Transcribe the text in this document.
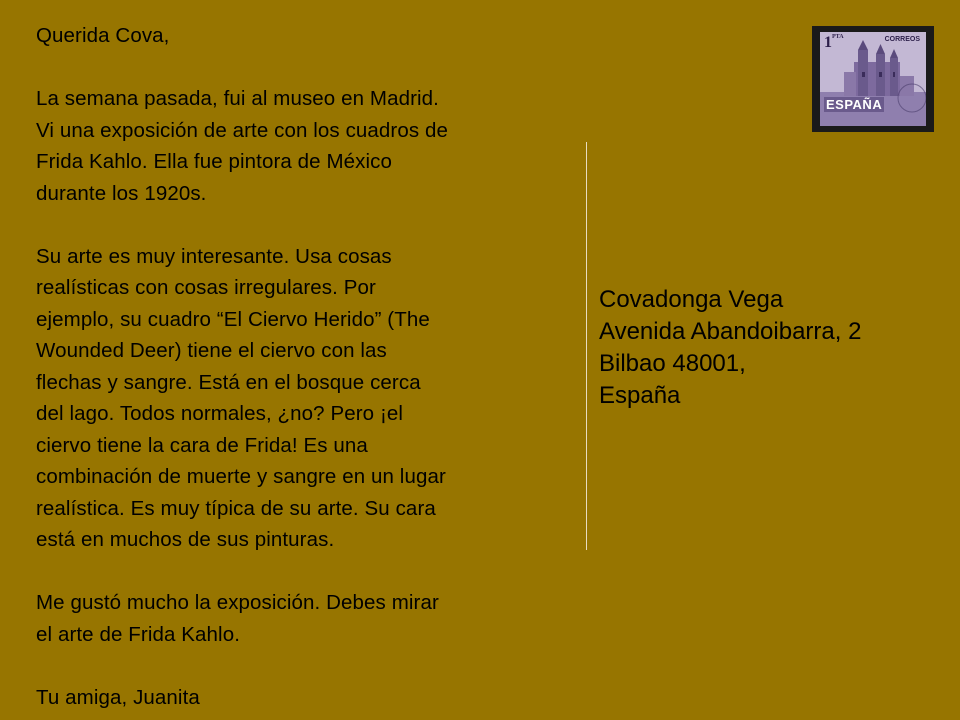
Querida Cova,

La semana pasada, fui al museo en Madrid.
Vi una exposición de arte con los cuadros de
Frida Kahlo. Ella fue pintora de México
durante los 1920s.

Su arte es muy interesante. Usa cosas
realísticas con cosas irregulares. Por
ejemplo, su cuadro “El Ciervo Herido” (The
Wounded Deer) tiene el ciervo con las
flechas y sangre. Está en el bosque cerca
del lago. Todos normales, ¿no? Pero ¡el
ciervo tiene la cara de Frida! Es una
combinación de muerte y sangre en un lugar
realística. Es muy típica de su arte. Su cara
está en muchos de sus pinturas.

Me gustó mucho la exposición. Debes mirar
el arte de Frida Kahlo.

Tu amiga, Juanita

Covadonga Vega
Avenida Abandoibarra, 2
Bilbao 48001,
España
$1^{PTA}$	CORREOS
ESPAÑA
